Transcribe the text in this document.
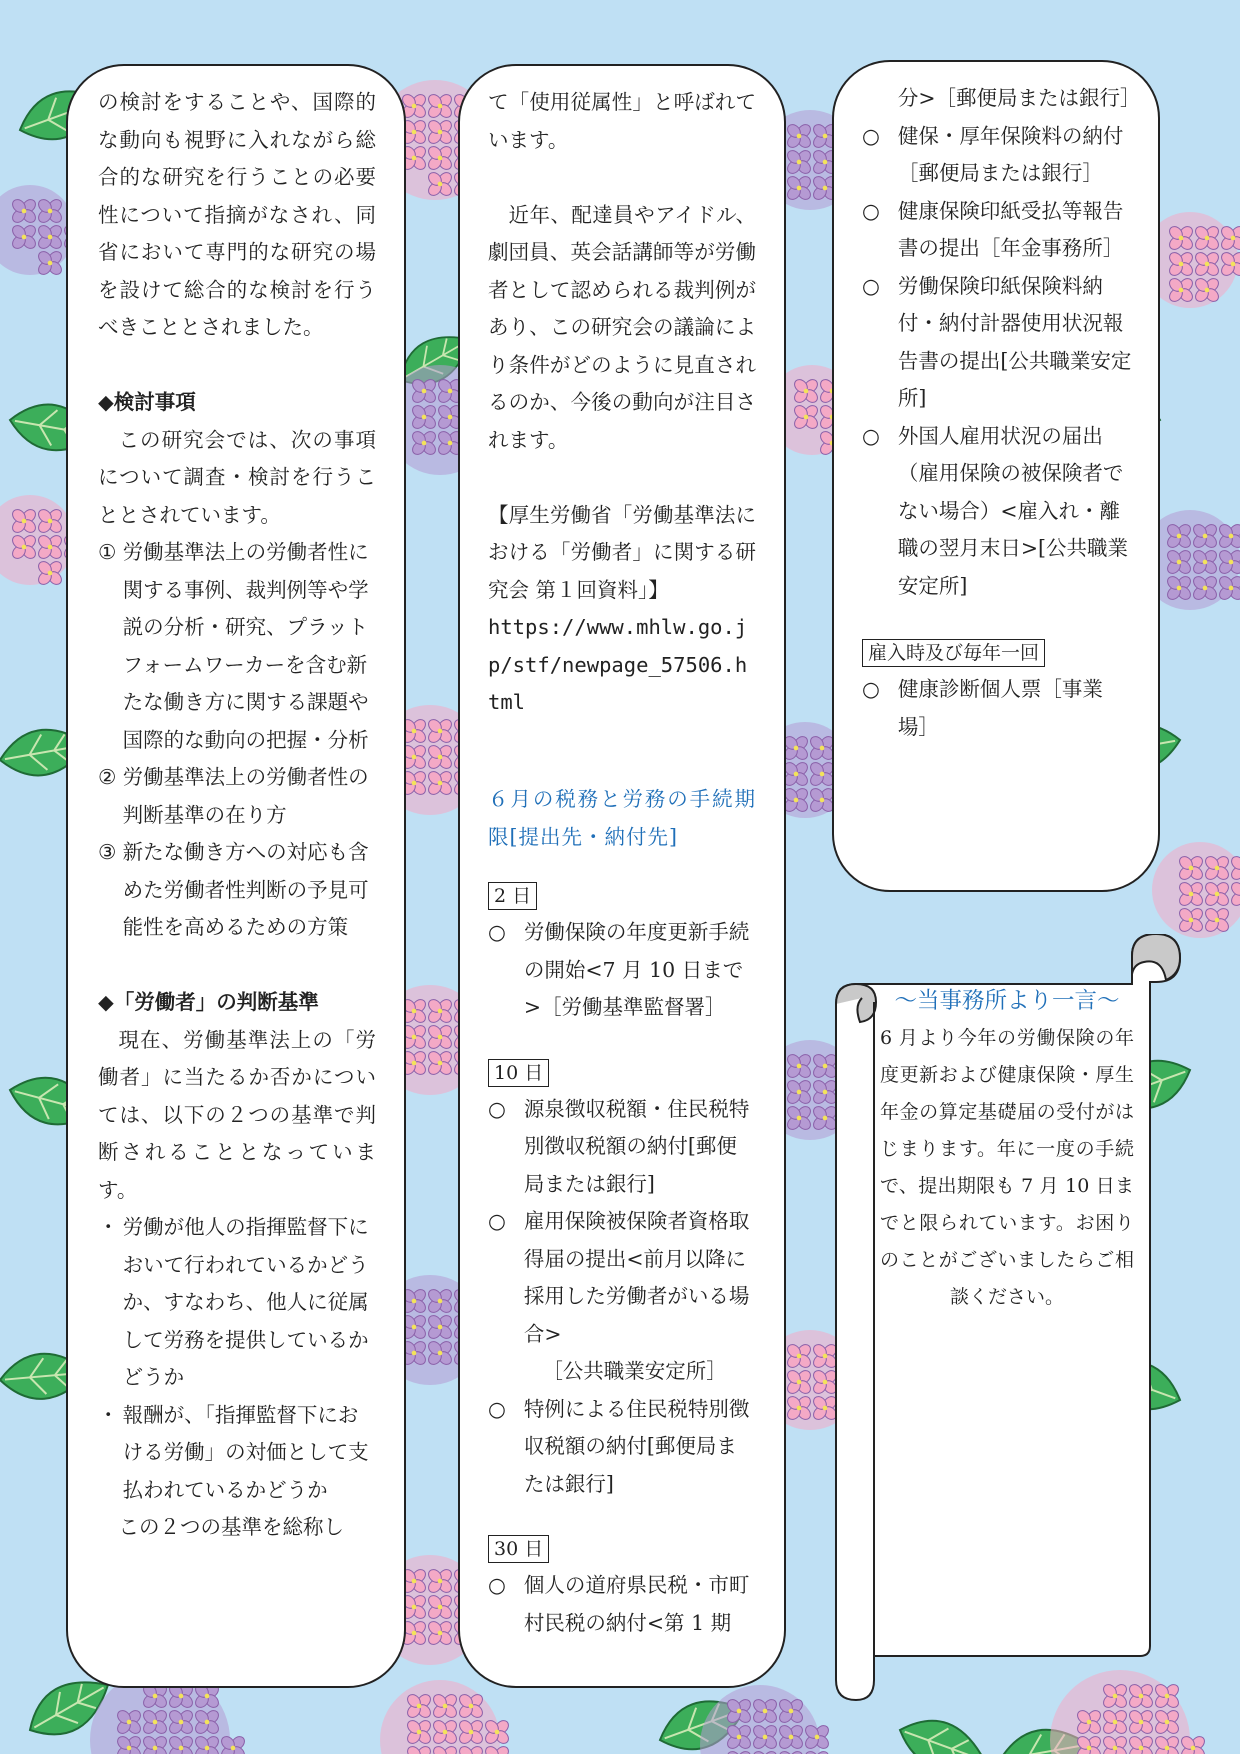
の検討をすることや、国際的な動向も視野に入れながら総合的な研究を行うことの必要性について指摘がなされ、同省において専門的な研究の場を設けて総合的な検討を行うべきこととされました。

◆検討事項

この研究会では、次の事項について調査・検討を行うこととされています。

① 労働基準法上の労働者性に関する事例、裁判例等や学説の分析・研究、プラットフォームワーカーを含む新たな働き方に関する課題や国際的な動向の把握・分析
② 労働基準法上の労働者性の判断基準の在り方
③ 新たな働き方への対応も含めた労働者性判断の予見可能性を高めるための方策

◆「労働者」の判断基準

現在、労働基準法上の「労働者」に当たるか否かについては、以下の２つの基準で判断されることとなっています。

・ 労働が他人の指揮監督下において行われているかどうか、すなわち、他人に従属して労務を提供しているかどうか
・ 報酬が、「指揮監督下における労働」の対価として支払われているかどうか

この２つの基準を総称し

て「使用従属性」と呼ばれています。

近年、配達員やアイドル、劇団員、英会話講師等が労働者として認められる裁判例があり、この研究会の議論により条件がどのように見直されるのか、今後の動向が注目されます。

【厚生労働省「労働基準法における「労働者」に関する研究会 第１回資料」】

https://www.mhlw.go.jp/stf/newpage_57506.html

６月の税務と労務の手続期限[提出先・納付先]

2 日
○ 労働保険の年度更新手続の開始<7 月 10 日まで>［労働基準監督署］
10 日
○ 源泉徴収税額・住民税特別徴収税額の納付[郵便局または銀行]
○ 雇用保険被保険者資格取得届の提出<前月以降に採用した労働者がいる場合>
［公共職業安定所］
○ 特例による住民税特別徴収税額の納付[郵便局または銀行]
30 日
○ 個人の道府県民税・市町村民税の納付<第 1 期

分>［郵便局または銀行］

○ 健保・厚年保険料の納付［郵便局または銀行］
○ 健康保険印紙受払等報告書の提出［年金事務所］
○ 労働保険印紙保険料納付・納付計器使用状況報告書の提出[公共職業安定所]
○ 外国人雇用状況の届出（雇用保険の被保険者でない場合）<雇入れ・離職の翌月末日>[公共職業安定所]
雇入時及び毎年一回
○ 健康診断個人票［事業場］

～当事務所より一言～

6 月より今年の労働保険の年度更新および健康保険・厚生年金の算定基礎届の受付がはじまります。年に一度の手続で、提出期限も 7 月 10 日までと限られています。お困りのことがございましたらご相談ください。
